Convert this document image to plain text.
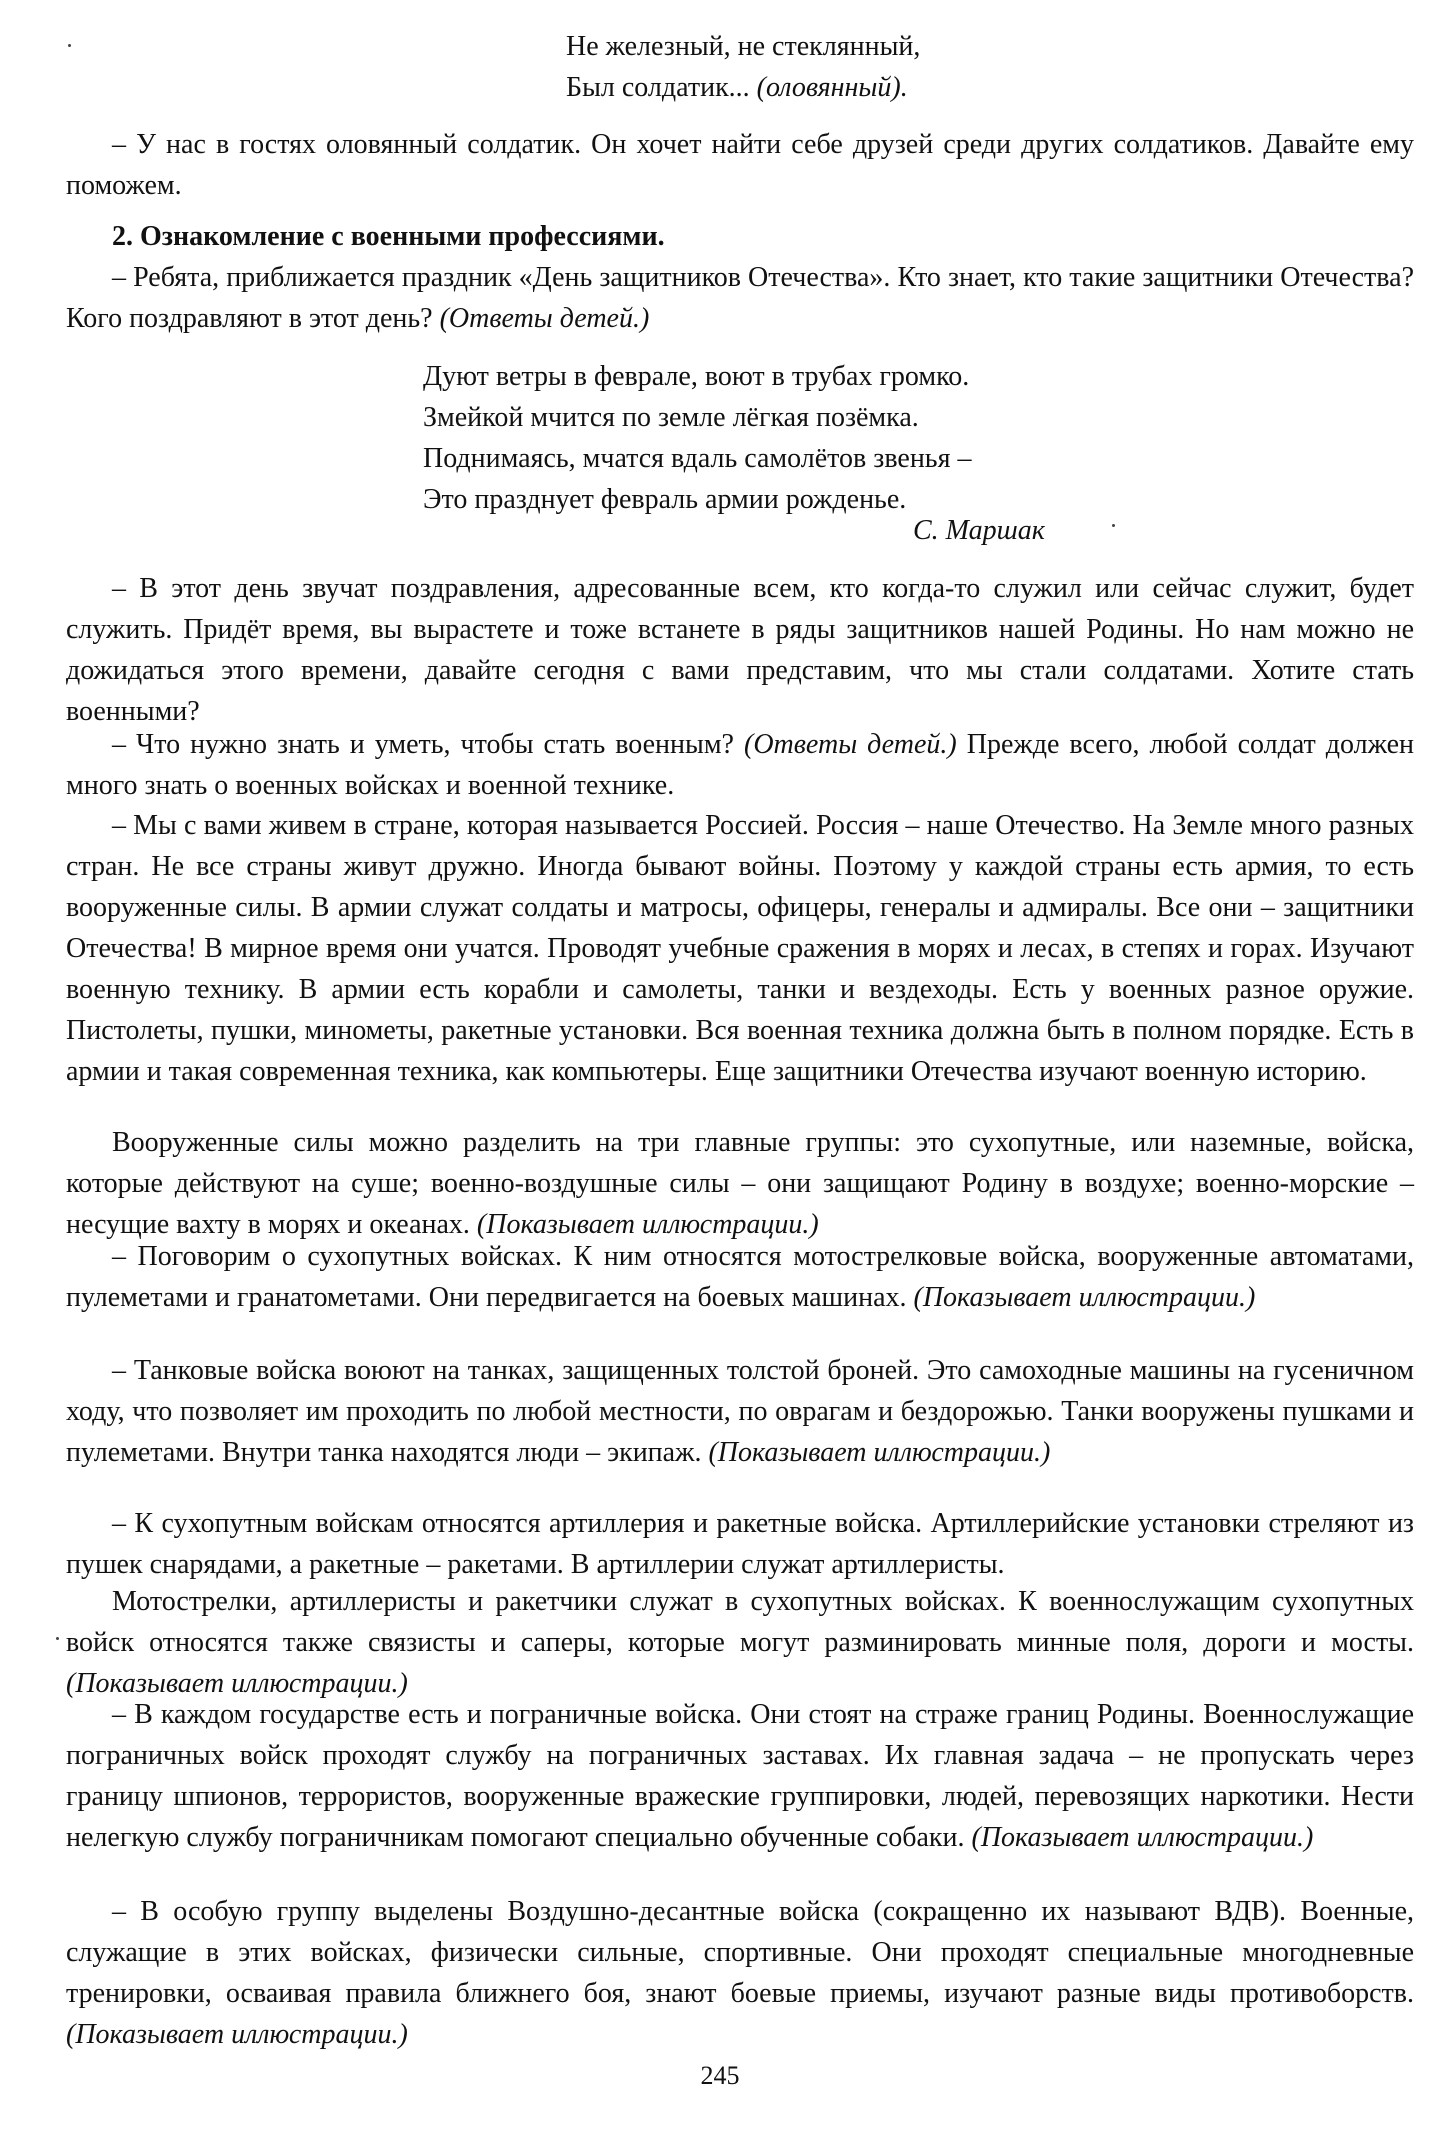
Не железный, не стеклянный,
Был солдатик... (оловянный).

– У нас в гостях оловянный солдатик. Он хочет найти себе друзей среди других солдатиков. Давайте ему поможем.

2. Ознакомление с военными профессиями.

– Ребята, приближается праздник «День защитников Отечества». Кто знает, кто такие защитники Отечества? Кого поздравляют в этот день? (Ответы детей.)

Дуют ветры в феврале, воют в трубах громко.
Змейкой мчится по земле лёгкая позёмка.
Поднимаясь, мчатся вдаль самолётов звенья –
Это празднует февраль армии рожденье.
С. Маршак

– В этот день звучат поздравления, адресованные всем, кто когда-то служил или сейчас служит, будет служить. Придёт время, вы вырастете и тоже встанете в ряды защитников нашей Родины. Но нам можно не дожидаться этого времени, давайте сегодня с вами представим, что мы стали солдатами. Хотите стать военными?

– Что нужно знать и уметь, чтобы стать военным? (Ответы детей.) Прежде всего, любой солдат должен много знать о военных войсках и военной технике.

– Мы с вами живем в стране, которая называется Россией. Россия – наше Отечество. На Земле много разных стран. Не все страны живут дружно. Иногда бывают войны. Поэтому у каждой страны есть армия, то есть вооруженные силы. В армии служат солдаты и матросы, офицеры, генералы и адмиралы. Все они – защитники Отечества! В мирное время они учатся. Проводят учебные сражения в морях и лесах, в степях и горах. Изучают военную технику. В армии есть корабли и самолеты, танки и вездеходы. Есть у военных разное оружие. Пистолеты, пушки, минометы, ракетные установки. Вся военная техника должна быть в полном порядке. Есть в армии и такая современная техника, как компьютеры. Еще защитники Отечества изучают военную историю.

Вооруженные силы можно разделить на три главные группы: это сухопутные, или наземные, войска, которые действуют на суше; военно-воздушные силы – они защищают Родину в воздухе; военно-морские – несущие вахту в морях и океанах. (Показывает иллюстрации.)

– Поговорим о сухопутных войсках. К ним относятся мотострелковые войска, вооруженные автоматами, пулеметами и гранатометами. Они передвигается на боевых машинах. (Показывает иллюстрации.)

– Танковые войска воюют на танках, защищенных толстой броней. Это самоходные машины на гусеничном ходу, что позволяет им проходить по любой местности, по оврагам и бездорожью. Танки вооружены пушками и пулеметами. Внутри танка находятся люди – экипаж. (Показывает иллюстрации.)

– К сухопутным войскам относятся артиллерия и ракетные войска. Артиллерийские установки стреляют из пушек снарядами, а ракетные – ракетами. В артиллерии служат артиллеристы.

Мотострелки, артиллеристы и ракетчики служат в сухопутных войсках. К военнослужащим сухопутных войск относятся также связисты и саперы, которые могут разминировать минные поля, дороги и мосты. (Показывает иллюстрации.)

– В каждом государстве есть и пограничные войска. Они стоят на страже границ Родины. Военнослужащие пограничных войск проходят службу на пограничных заставах. Их главная задача – не пропускать через границу шпионов, террористов, вооруженные вражеские группировки, людей, перевозящих наркотики. Нести нелегкую службу пограничникам помогают специально обученные собаки. (Показывает иллюстрации.)

– В особую группу выделены Воздушно-десантные войска (сокращенно их называют ВДВ). Военные, служащие в этих войсках, физически сильные, спортивные. Они проходят специальные многодневные тренировки, осваивая правила ближнего боя, знают боевые приемы, изучают разные виды противоборств. (Показывает иллюстрации.)

245
